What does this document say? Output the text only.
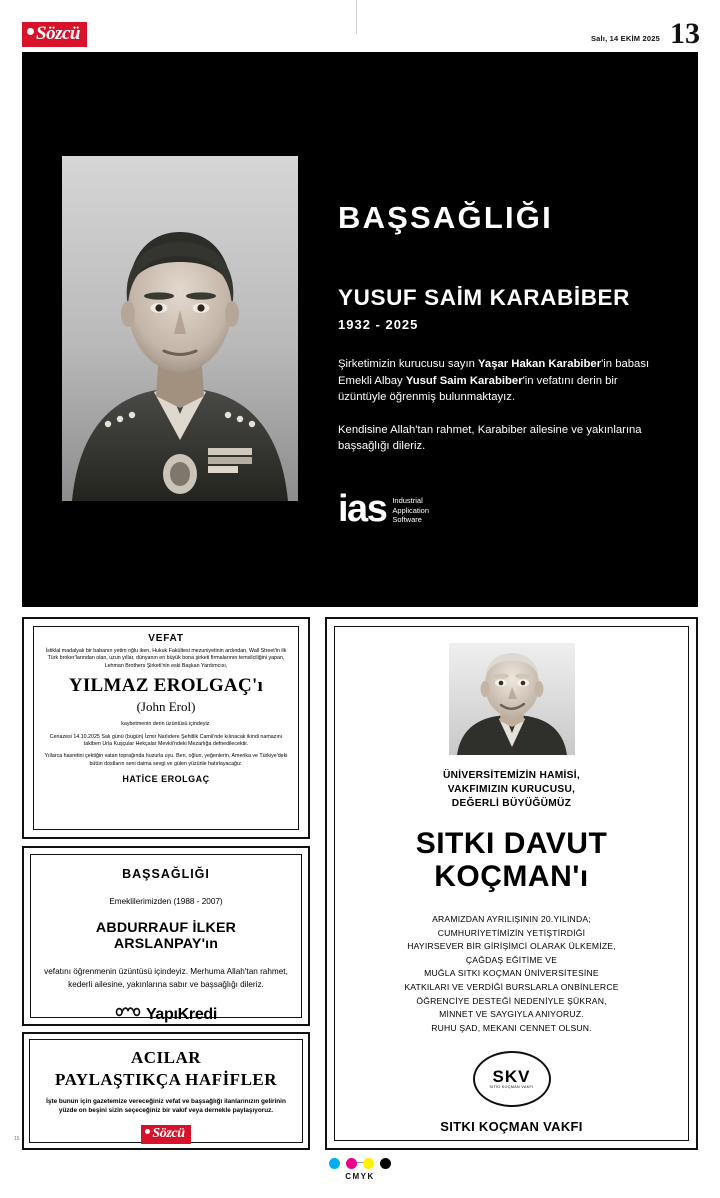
Sözcü	Salı, 14 EKİM 2025 13
BAŞSAĞLIĞI
YUSUF SAİM KARABİBER
1932 - 2025

Şirketimizin kurucusu sayın Yaşar Hakan Karabiber'in babası Emekli Albay Yusuf Saim Karabiber'in vefatını derin bir üzüntüyle öğrenmiş bulunmaktayız.

Kendisine Allah'tan rahmet, Karabiber ailesine ve yakınlarına başsağlığı dileriz.

ias Industrial
Application
Software
VEFAT

İstiklal madalyalı bir babanın yetim oğlu iken, Hukuk Fakültesi mezuniyetinin ardından, Wall Street'in ilk Türk broker'larından olan, uzun yıllar, dünyanın en büyük bona şirketi firmalarının temsilciliğini yapan, Lehman Brothers Şirketi'nin eski Başkan Yardımcısı,

YILMAZ EROLGAÇ'ı
(John Erol)

kaybetmenin derin üzüntüsü içindeyiz.

Cenazesi 14.10.2025 Salı günü (bugün) İzmir Narlıdere Şehitlik Camii'nde kılınacak ikindi namazını takiben Urla Kuşçular Hekçalar Mevkii'ndeki Mezarlığa defnedilecektir.

Yıllarca hasretini çektiğin vatan toprağında huzurla uyu. Ben, oğlun, yeğenlerin, Amerika ve Türkiye'deki bütün dostların seni daima sevgi ve gülen yüzünle hatırlayacağız.

HATİCE EROLGAÇ
BAŞSAĞLIĞI
Emeklilerimizden (1988 - 2007)
ABDURRAUF İLKER ARSLANPAY'ın

vefatını öğrenmenin üzüntüsü içindeyiz. Merhuma Allah'tan rahmet, kederli ailesine, yakınlarına sabır ve başsağlığı dileriz.

YapıKredi
ACILAR
PAYLAŞTIKÇA HAFİFLER

İşte bunun için gazetemize vereceğiniz vefat ve başsağlığı ilanlarınızın gelirinin yüzde on beşini sizin seçeceğiniz bir vakıf veya dernekle paylaşıyoruz.

Sözcü
ÜNİVERSİTEMİZİN HAMİSİ,
VAKFIMIZIN KURUCUSU,
DEĞERLİ BÜYÜĞÜMÜZ
SITKI DAVUT
KOÇMAN'ı
ARAMIZDAN AYRILIŞININ 20.YILINDA;
CUMHURİYETİMİZİN YETİŞTİRDİĞİ
HAYIRSEVER BİR GİRİŞİMCİ OLARAK ÜLKEMİZE,
ÇAĞDAŞ EĞİTİME VE
MUĞLA SITKI KOÇMAN ÜNİVERSİTESİNE
KATKILARI VE VERDİĞİ BURSLARLA ONBİNLERCE
ÖĞRENCİYE DESTEĞİ NEDENİYLE ŞÜKRAN,
MİNNET VE SAYGIYLA ANIYORUZ.
RUHU ŞAD, MEKANI CENNET OLSUN.
SKV
SITKI KOÇMAN VAKFI
SITKI KOÇMAN VAKFI
15
CMYK
